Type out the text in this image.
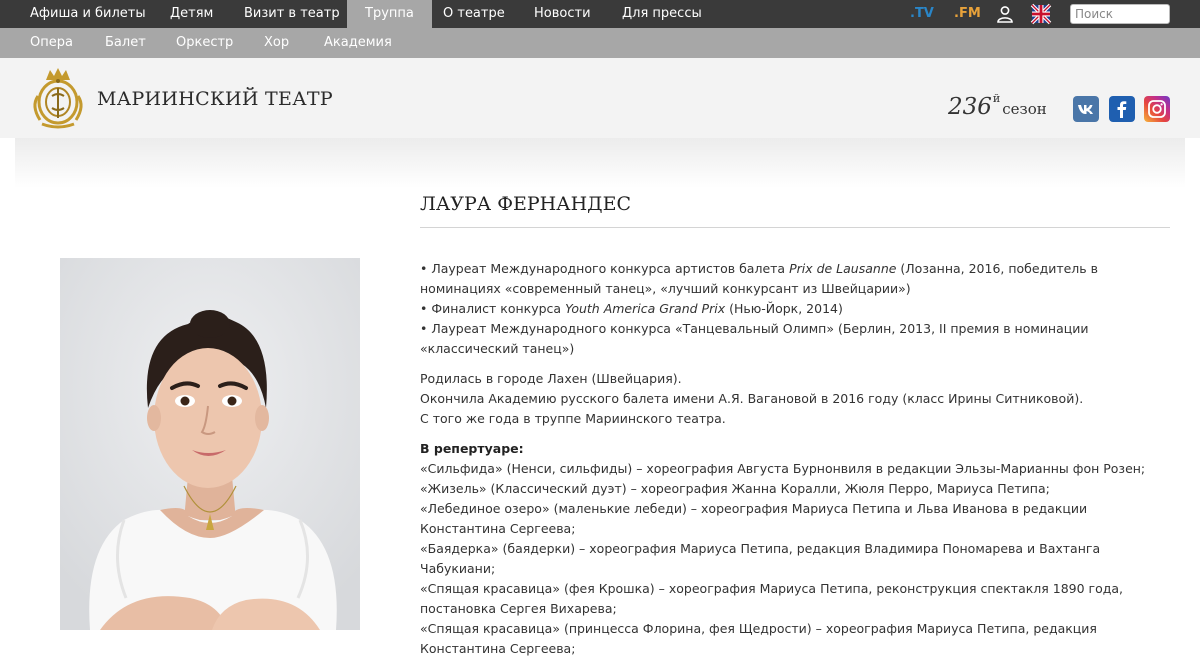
Афиша и билеты Детям Визит в театр	Труппа	О театре Новости Для прессы	.TV .FM
Поиск
Опера Балет Оркестр Хор	Академия
МАРИИНСКИЙ ТЕАТР	$236^йсезон$
ЛАУРА ФЕРНАНДЕС

• Лауреат Международного конкурса артистов балета Prix de Lausanne (Лозанна, 2016, победитель в номинациях «современный танец», «лучший конкурсант из Швейцарии»)
• Финалист конкурса Youth America Grand Prix (Нью-Йорк, 2014)
• Лауреат Международного конкурса «Танцевальный Олимп» (Берлин, 2013, II премия в номинации «классический танец»)

Родилась в городе Лахен (Швейцария).
Окончила Академию русского балета имени А.Я. Вагановой в 2016 году (класс Ирины Ситниковой).
С того же года в труппе Мариинского театра.

В репертуаре:
«Сильфида» (Ненси, сильфиды) – хореография Августа Бурнонвиля в редакции Эльзы-Марианны фон Розен;
«Жизель» (Классический дуэт) – хореография Жанна Коралли, Жюля Перро, Мариуса Петипа;
«Лебединое озеро» (маленькие лебеди) – хореография Мариуса Петипа и Льва Иванова в редакции Константина Сергеева;
«Баядерка» (баядерки) – хореография Мариуса Петипа, редакция Владимира Пономарева и Вахтанга Чабукиани;
«Спящая красавица» (фея Крошка) – хореография Мариуса Петипа, реконструкция спектакля 1890 года, постановка Сергея Вихарева;
«Спящая красавица» (принцесса Флорина, фея Щедрости) – хореография Мариуса Петипа, редакция Константина Сергеева;
